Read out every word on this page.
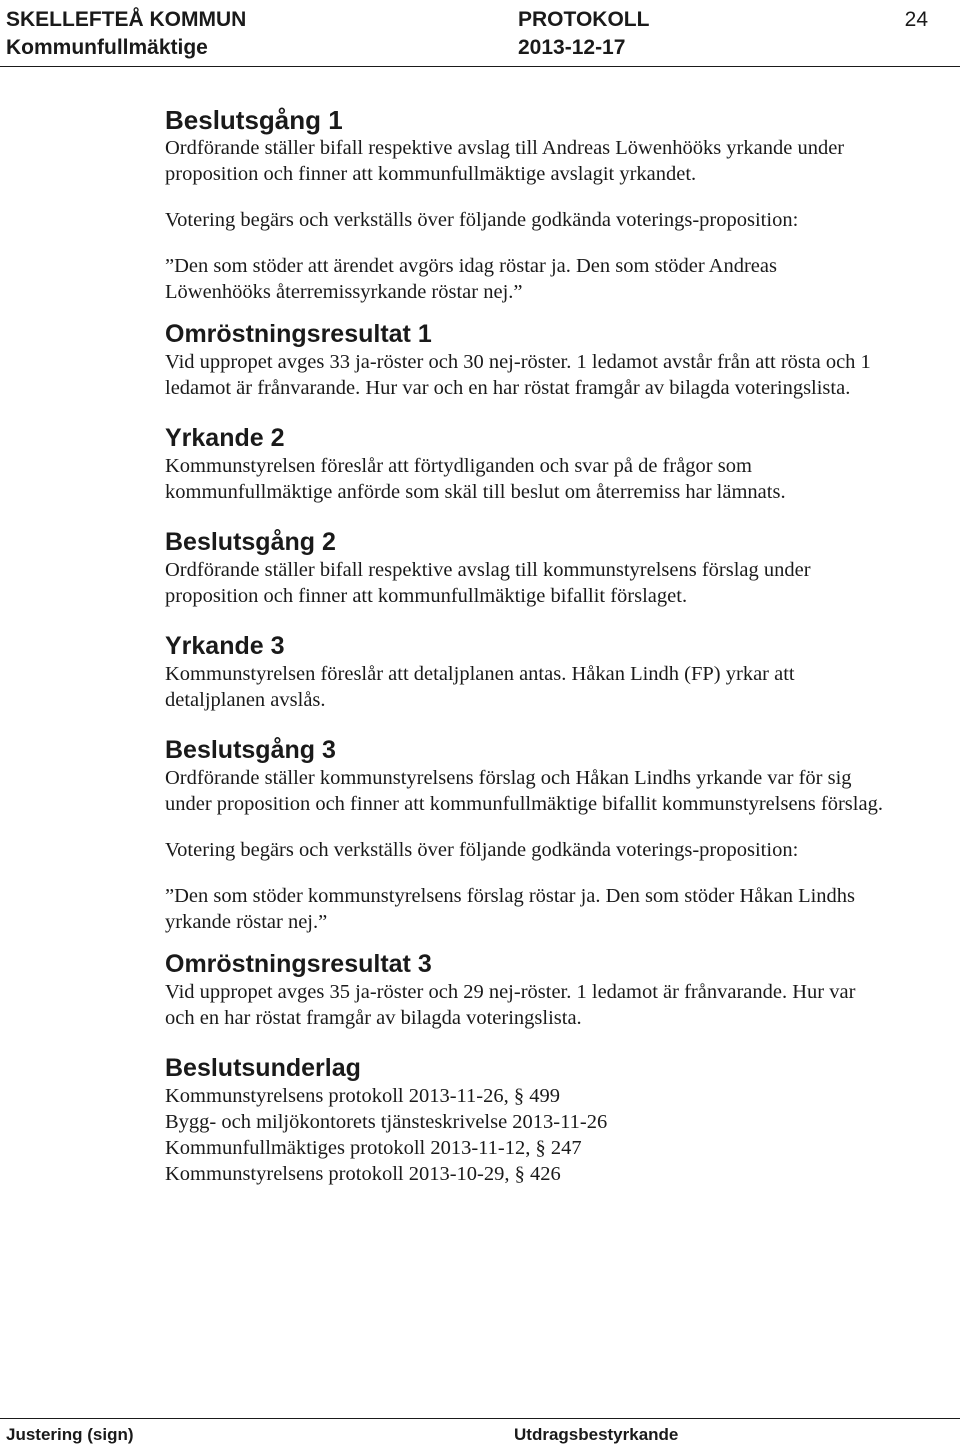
SKELLEFTEÅ KOMMUN	PROTOKOLL	24
Kommunfullmäktige	2013-12-17
Beslutsgång 1

Ordförande ställer bifall respektive avslag till Andreas Löwenhööks yrkande under proposition och finner att kommunfullmäktige avslagit yrkandet.

Votering begärs och verkställs över följande godkända voterings-proposition:

”Den som stöder att ärendet avgörs idag röstar ja. Den som stöder Andreas Löwenhööks återremissyrkande röstar nej.”

Omröstningsresultat 1

Vid uppropet avges 33 ja-röster och 30 nej-röster. 1 ledamot avstår från att rösta och 1 ledamot är frånvarande. Hur var och en har röstat framgår av bilagda voteringslista.

Yrkande 2

Kommunstyrelsen föreslår att förtydliganden och svar på de frågor som kommunfullmäktige anförde som skäl till beslut om återremiss har lämnats.

Beslutsgång 2

Ordförande ställer bifall respektive avslag till kommunstyrelsens förslag under proposition och finner att kommunfullmäktige bifallit förslaget.

Yrkande 3

Kommunstyrelsen föreslår att detaljplanen antas. Håkan Lindh (FP) yrkar att detaljplanen avslås.

Beslutsgång 3

Ordförande ställer kommunstyrelsens förslag och Håkan Lindhs yrkande var för sig under proposition och finner att kommunfullmäktige bifallit kommunstyrelsens förslag.

Votering begärs och verkställs över följande godkända voterings-proposition:

”Den som stöder kommunstyrelsens förslag röstar ja. Den som stöder Håkan Lindhs yrkande röstar nej.”

Omröstningsresultat 3

Vid uppropet avges 35 ja-röster och 29 nej-röster. 1 ledamot är frånvarande. Hur var och en har röstat framgår av bilagda voteringslista.

Beslutsunderlag

Kommunstyrelsens protokoll 2013-11-26, § 499

Bygg- och miljökontorets tjänsteskrivelse 2013-11-26

Kommunfullmäktiges protokoll 2013-11-12, § 247

Kommunstyrelsens protokoll 2013-10-29, § 426

Justering (sign)	Utdragsbestyrkande
